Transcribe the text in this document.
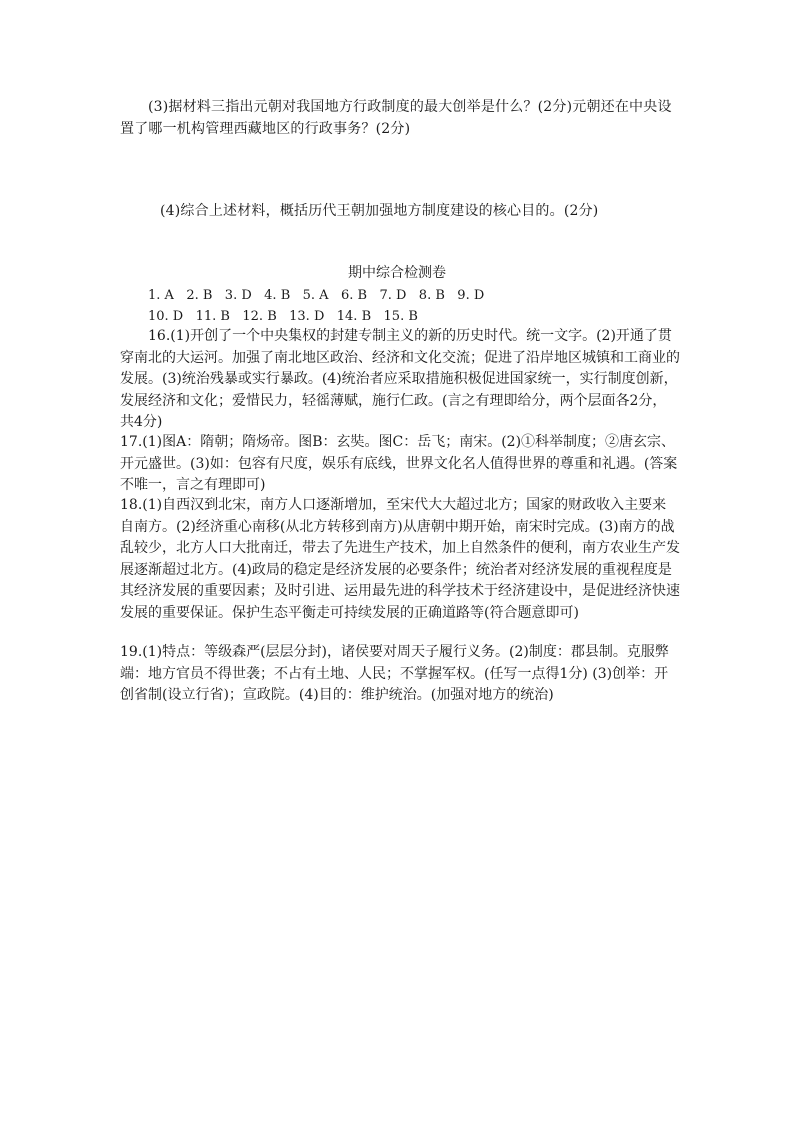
(3)据材料三指出元朝对我国地方行政制度的最大创举是什么？(2分)元朝还在中央设置了哪一机构管理西藏地区的行政事务？(2分)

(4)综合上述材料，概括历代王朝加强地方制度建设的核心目的。(2分)

期中综合检测卷
1. A   2. B   3. D   4. B   5. A   6. B   7. D   8. B   9. D
10. D   11. B   12. B   13. D   14. B   15. B

16.(1)开创了一个中央集权的封建专制主义的新的历史时代。统一文字。(2)开通了贯穿南北的大运河。加强了南北地区政治、经济和文化交流；促进了沿岸地区城镇和工商业的发展。(3)统治残暴或实行暴政。(4)统治者应采取措施积极促进国家统一，实行制度创新，发展经济和文化；爱惜民力，轻徭薄赋，施行仁政。(言之有理即给分，两个层面各2分，共4分)

17.(1)图A：隋朝；隋炀帝。图B：玄奘。图C：岳飞；南宋。(2)①科举制度；②唐玄宗、开元盛世。(3)如：包容有尺度，娱乐有底线，世界文化名人值得世界的尊重和礼遇。(答案不唯一，言之有理即可)

18.(1)自西汉到北宋，南方人口逐渐增加，至宋代大大超过北方；国家的财政收入主要来自南方。(2)经济重心南移(从北方转移到南方)从唐朝中期开始，南宋时完成。(3)南方的战乱较少，北方人口大批南迁，带去了先进生产技术，加上自然条件的便利，南方农业生产发展逐渐超过北方。(4)政局的稳定是经济发展的必要条件；统治者对经济发展的重视程度是其经济发展的重要因素；及时引进、运用最先进的科学技术于经济建设中，是促进经济快速发展的重要保证。保护生态平衡走可持续发展的正确道路等(符合题意即可)

19.(1)特点：等级森严(层层分封)，诸侯要对周天子履行义务。(2)制度：郡县制。克服弊端：地方官员不得世袭；不占有土地、人民；不掌握军权。(任写一点得1分) (3)创举：开创省制(设立行省)；宣政院。(4)目的：维护统治。(加强对地方的统治)
